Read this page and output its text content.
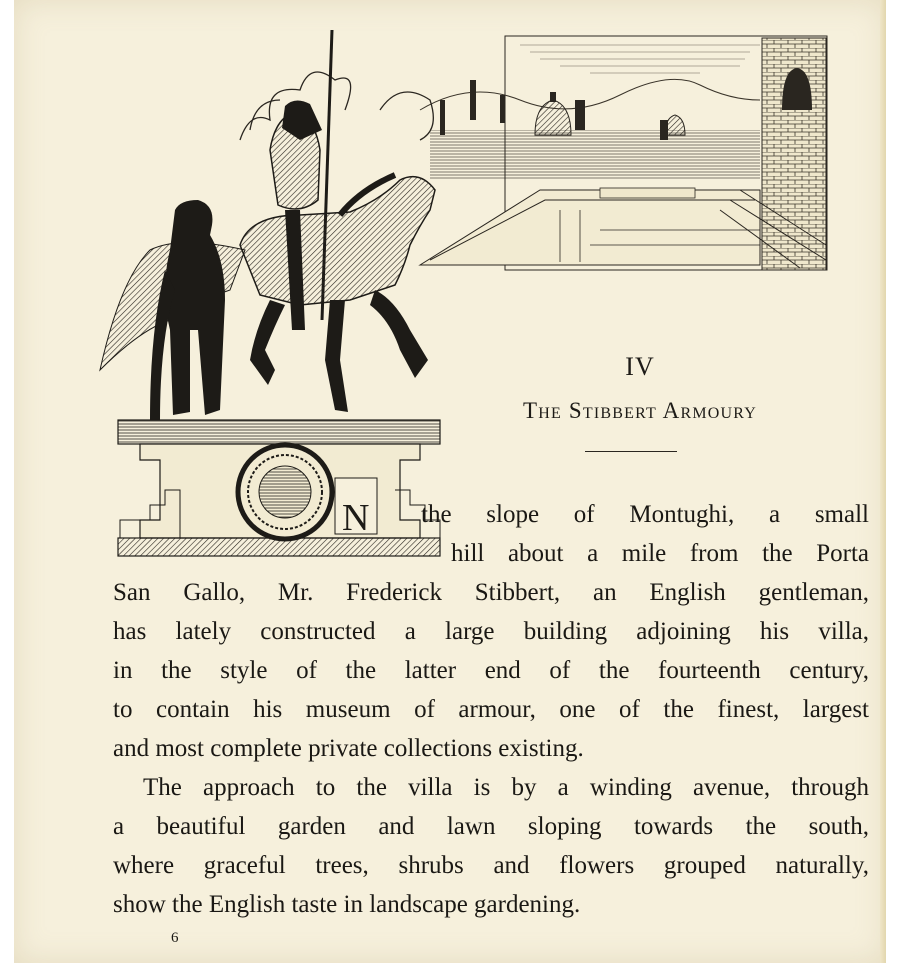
N
IV
The Stibbert Armoury
the slope of Montughi, a small
hill about a mile from the Porta
San Gallo, Mr. Frederick Stibbert, an English gentleman,
has lately constructed a large building adjoining his villa,
in the style of the latter end of the fourteenth century,
to contain his museum of armour, one of the finest, largest
and most complete private collections existing.
The approach to the villa is by a winding avenue, through
a beautiful garden and lawn sloping towards the south,
where graceful trees, shrubs and flowers grouped naturally,
show the English taste in landscape gardening.
6
